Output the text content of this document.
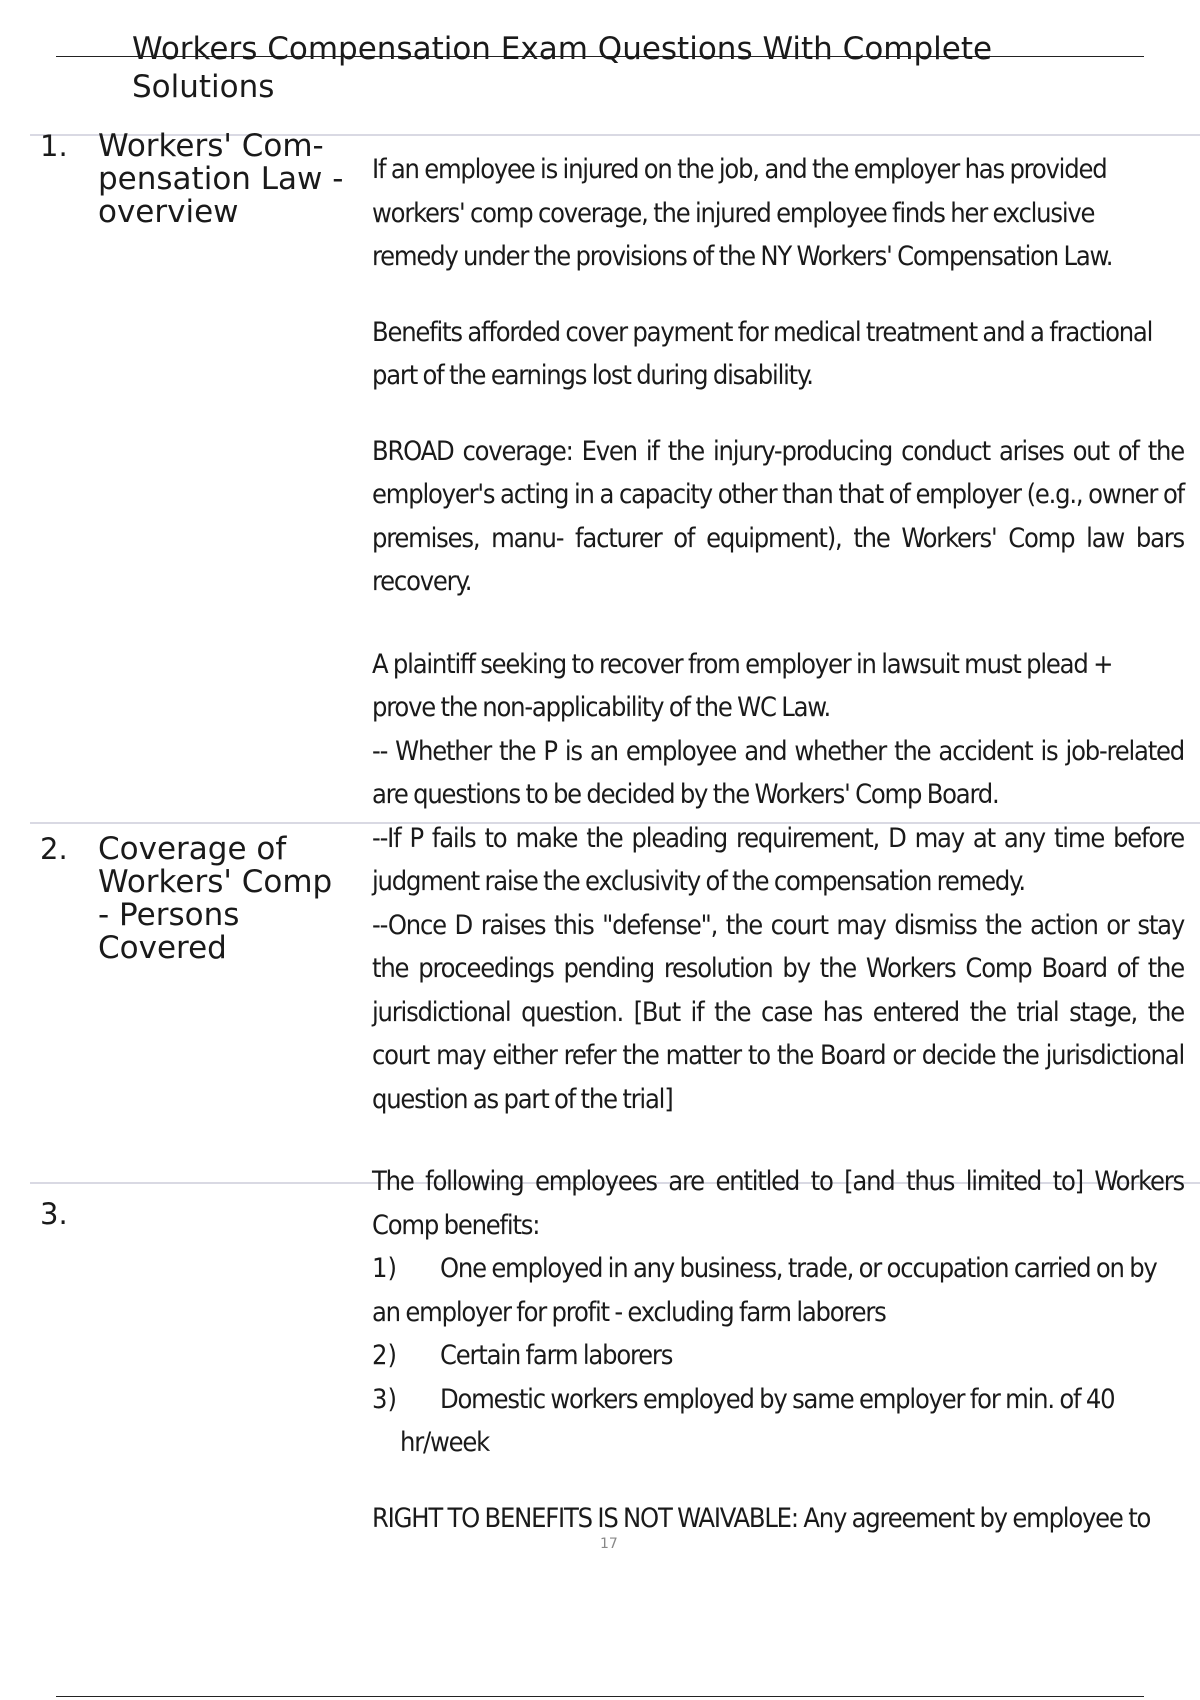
Workers Compensation Exam Questions With Complete Solutions
1. Workers' Com- pensation Law - overview
2. Coverage of Workers' Comp - Persons Covered
3.

If an employee is injured on the job, and the employer has provided workers' comp coverage, the injured employee finds her exclusive remedy under the provisions of the NY Workers' Compensation Law.

Benefits afforded cover payment for medical treatment and a fractional part of the earnings lost during disability.

BROAD coverage: Even if the injury-producing conduct arises out of the employer's acting in a capacity other than that of employer (e.g., owner of premises, manu- facturer of equipment), the Workers' Comp law bars recovery.

A plaintiff seeking to recover from employer in lawsuit must plead +

prove the non-applicability of the WC Law.

-- Whether the P is an employee and whether the accident is job-related are questions to be decided by the Workers' Comp Board.

--If P fails to make the pleading requirement, D may at any time before judgment raise the exclusivity of the compensation remedy.

--Once D raises this "defense", the court may dismiss the action or stay the proceedings pending resolution by the Workers Comp Board of the jurisdictional question. [But if the case has entered the trial stage, the court may either refer the matter to the Board or decide the jurisdictional question as part of the trial]

The following employees are entitled to [and thus limited to] Workers Comp benefits:

1) One employed in any business, trade, or occupation carried on by an employer for profit - excluding farm laborers

2) Certain farm laborers

3) Domestic workers employed by same employer for min. of 40

hr/week

RIGHT TO BENEFITS IS NOT WAIVABLE: Any agreement by employee to

17
